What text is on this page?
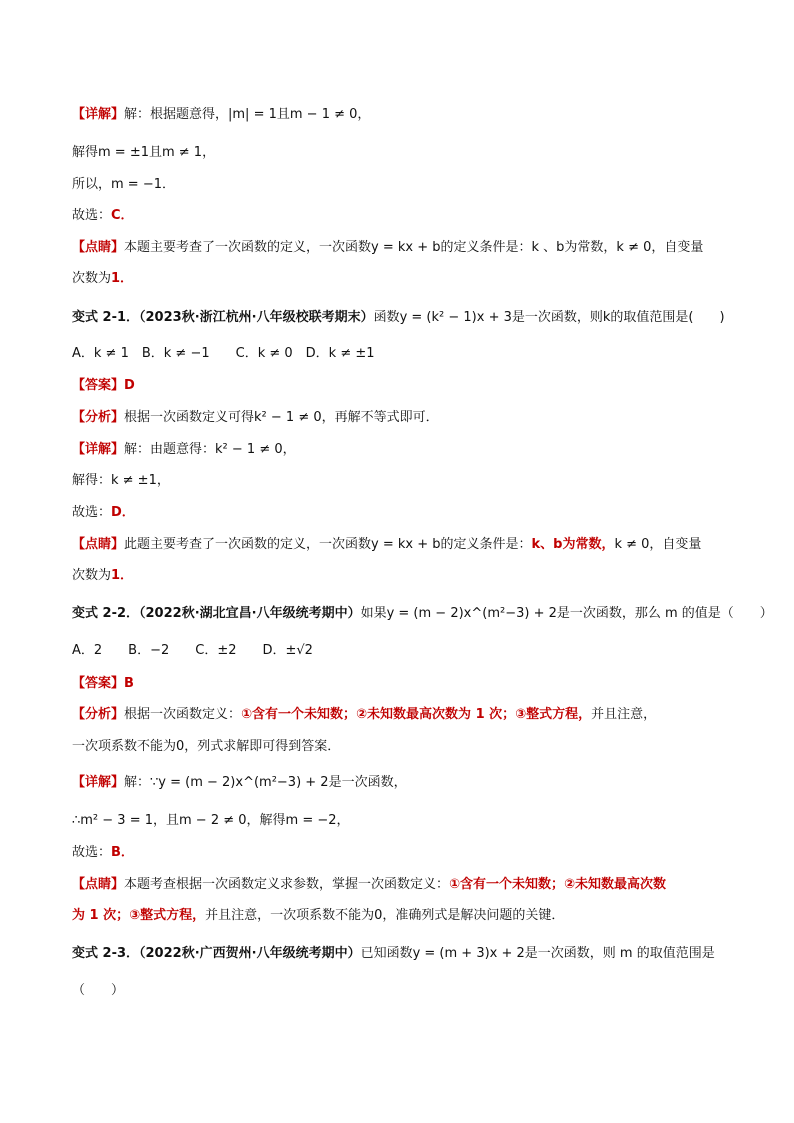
【详解】解：根据题意得，|m| = 1且m − 1 ≠ 0，
解得m = ±1且m ≠ 1，
所以，m = −1．
故选：C．
【点睛】本题主要考查了一次函数的定义，一次函数y = kx + b的定义条件是：k 、b为常数，k ≠ 0，自变量
次数为1．
变式 2-1．（2023秋·浙江杭州·八年级校联考期末）函数y = (k² − 1)x + 3是一次函数，则k的取值范围是(　　)
A．k ≠ 1　B．k ≠ −1　　C．k ≠ 0　D．k ≠ ±1
【答案】D
【分析】根据一次函数定义可得k² − 1 ≠ 0，再解不等式即可．
【详解】解：由题意得：k² − 1 ≠ 0，
解得：k ≠ ±1，
故选：D．
【点睛】此题主要考查了一次函数的定义，一次函数y = kx + b的定义条件是：k、b为常数，k ≠ 0，自变量
次数为1．
变式 2-2．（2022秋·湖北宜昌·八年级统考期中）如果y = (m − 2)x^(m²−3) + 2是一次函数，那么 m 的值是（　　）
A．2　　B．−2　　C．±2　　D．±√2
【答案】B
【分析】根据一次函数定义：①含有一个未知数；②未知数最高次数为 1 次；③整式方程，并且注意，
一次项系数不能为0，列式求解即可得到答案．
【详解】解：∵y = (m − 2)x^(m²−3) + 2是一次函数，
∴m² − 3 = 1，且m − 2 ≠ 0，解得m = −2，
故选：B．
【点睛】本题考查根据一次函数定义求参数，掌握一次函数定义：①含有一个未知数；②未知数最高次数
为 1 次；③整式方程，并且注意，一次项系数不能为0，准确列式是解决问题的关键．
变式 2-3．（2022秋·广西贺州·八年级统考期中）已知函数y = (m + 3)x + 2是一次函数，则 m 的取值范围是
（　　）
